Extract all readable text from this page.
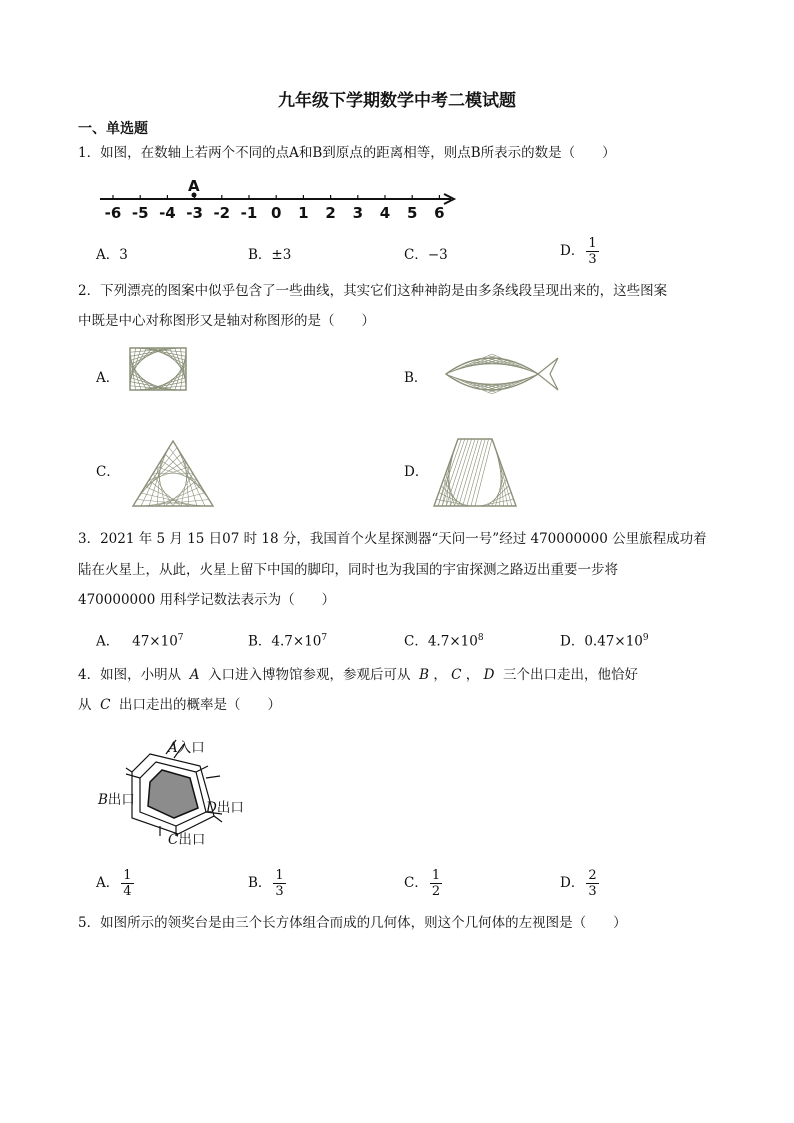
九年级下学期数学中考二模试题
一、单选题
1．如图，在数轴上若两个不同的点A和B到原点的距离相等，则点B所表示的数是（　　）
A
-6 -5 -4 -3 -2 -1 0 1 2 3 4 5 6
A．3	B．±3	C．−3	D． $\frac{1}{3}$
2．下列漂亮的图案中似乎包含了一些曲线，其实它们这种神韵是由多条线段呈现出来的，这些图案
中既是中心对称图形又是轴对称图形的是（　　）
A．	B．
C．	D．
3．2021 年 5 月 15 日07 时 18 分，我国首个火星探测器“天问一号”经过 470000000 公里旅程成功着
陆在火星上，从此，火星上留下中国的脚印，同时也为我国的宇宙探测之路迈出重要一步将
470000000 用科学记数法表示为（　　）
A． $47\times 10^7$	B．$4.7\times 10^7$	C．$4.7\times 10^8$	D．$0.47\times 10^9$
4．如图，小明从 A 入口进入博物馆参观，参观后可从 B ， C ， D 三个出口走出，他恰好
从 C 出口走出的概率是（　　）
A入口
B出口	D出口
C出口
A． $\frac{1}{4}$	B． $\frac{1}{3}$	C． $\frac{1}{2}$	D． $\frac{2}{3}$
5．如图所示的领奖台是由三个长方体组合而成的几何体，则这个几何体的左视图是（　　）
